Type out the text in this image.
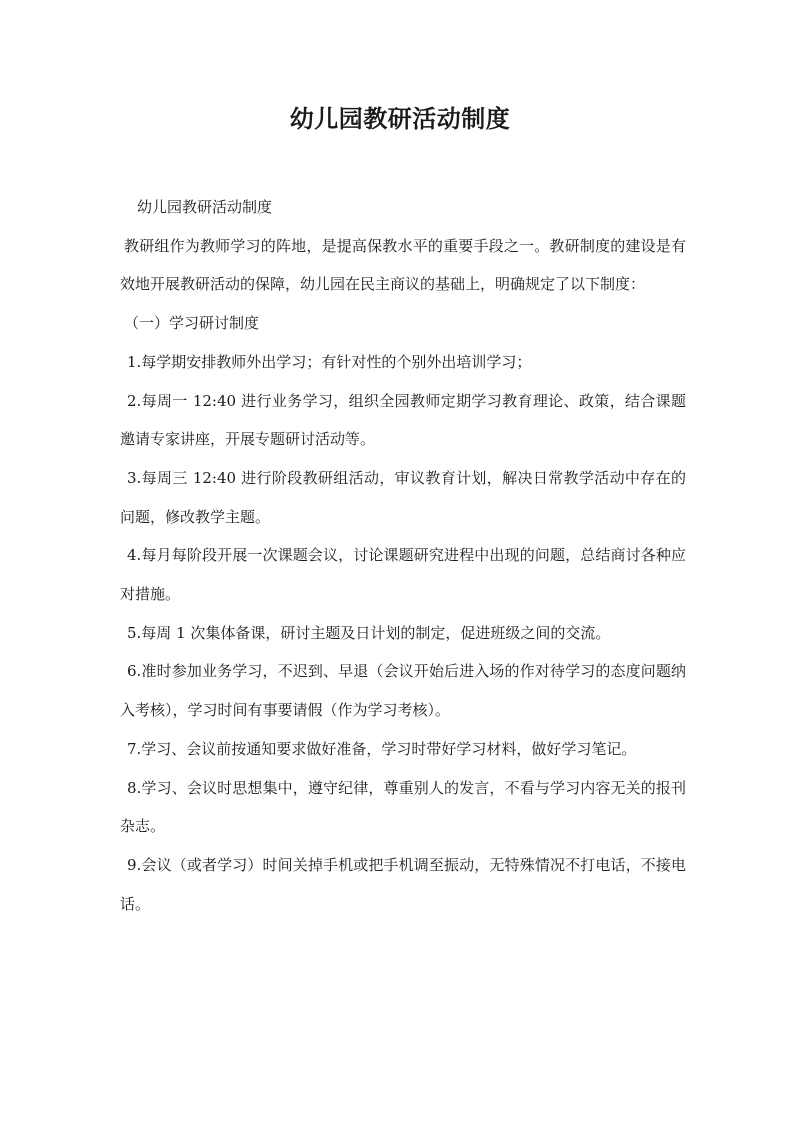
幼儿园教研活动制度

幼儿园教研活动制度

教研组作为教师学习的阵地，是提高保教水平的重要手段之一。教研制度的建设是有效地开展教研活动的保障，幼儿园在民主商议的基础上，明确规定了以下制度：

（一）学习研讨制度

1.每学期安排教师外出学习；有针对性的个别外出培训学习；

2.每周一 12:40 进行业务学习，组织全园教师定期学习教育理论、政策，结合课题邀请专家讲座，开展专题研讨活动等。

3.每周三 12:40 进行阶段教研组活动，审议教育计划，解决日常教学活动中存在的问题，修改教学主题。

4.每月每阶段开展一次课题会议，讨论课题研究进程中出现的问题，总结商讨各种应对措施。

5.每周 1 次集体备课，研讨主题及日计划的制定，促进班级之间的交流。

6.准时参加业务学习，不迟到、早退（会议开始后进入场的作对待学习的态度问题纳入考核），学习时间有事要请假（作为学习考核）。

7.学习、会议前按通知要求做好准备，学习时带好学习材料，做好学习笔记。

8.学习、会议时思想集中，遵守纪律，尊重别人的发言，不看与学习内容无关的报刊杂志。

9.会议（或者学习）时间关掉手机或把手机调至振动，无特殊情况不打电话，不接电话。
